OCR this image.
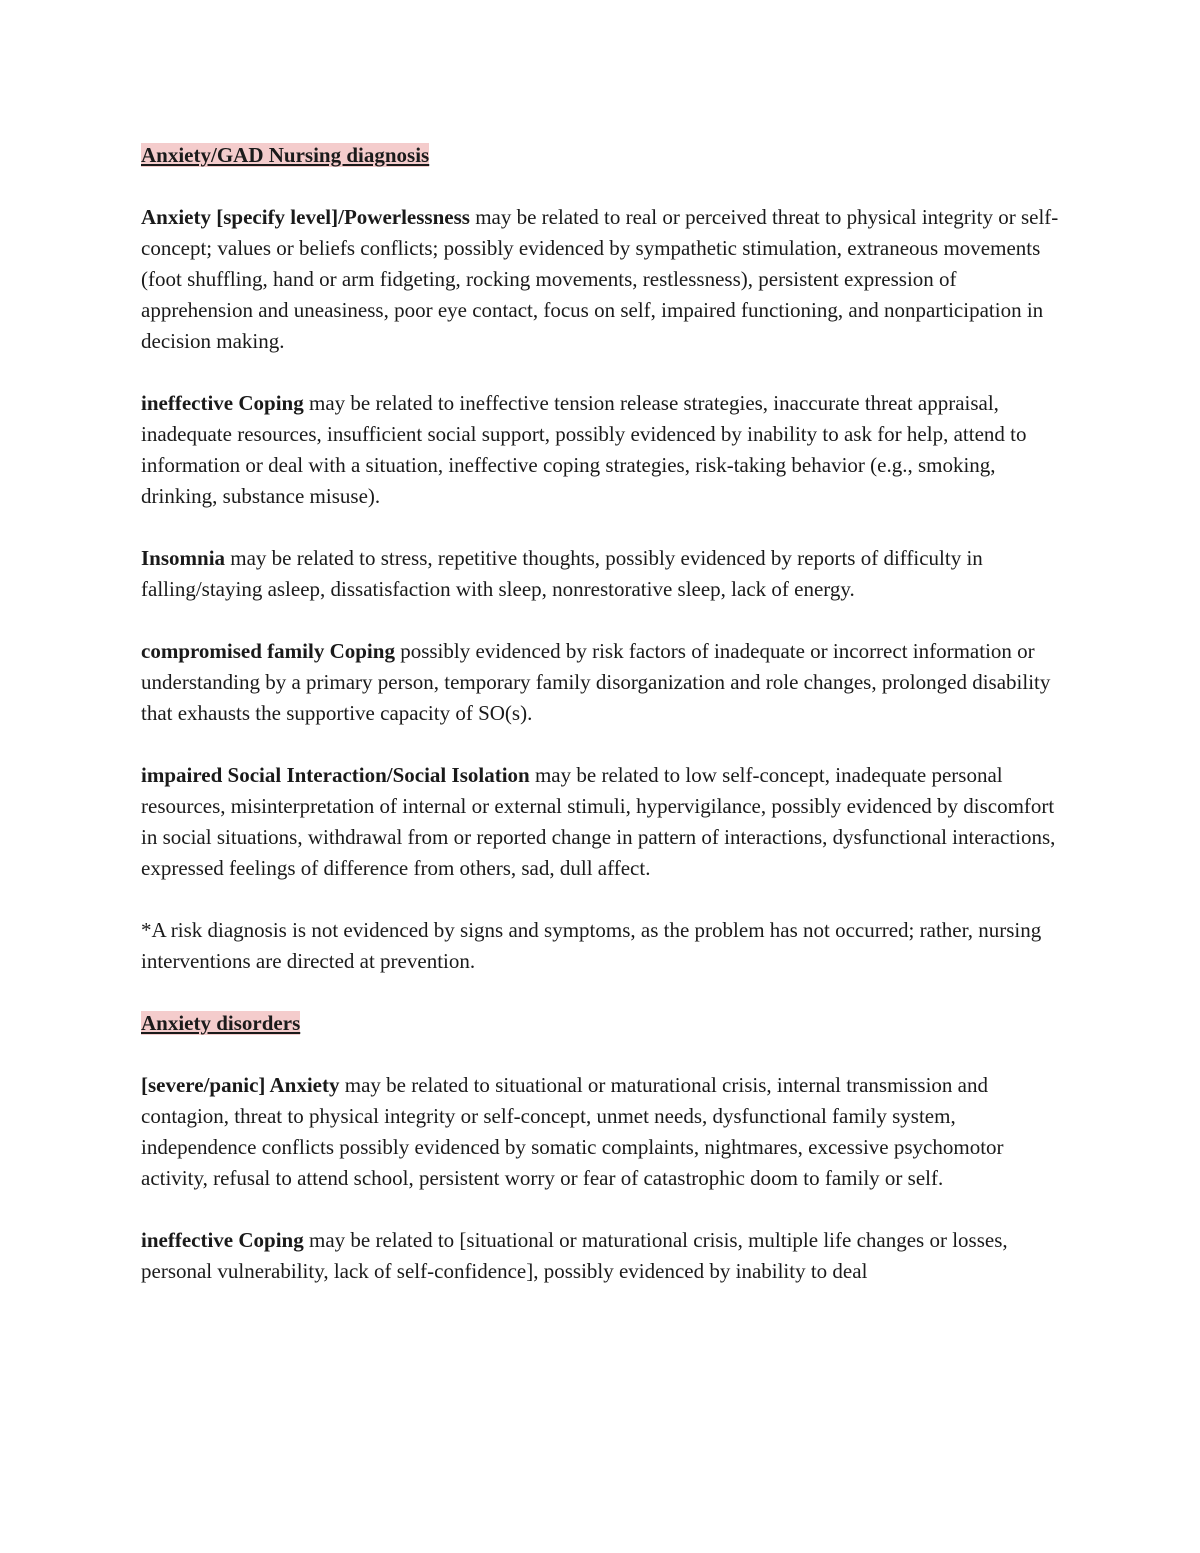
Anxiety/GAD Nursing diagnosis

Anxiety [specify level]/Powerlessness may be related to real or perceived threat to physical integrity or self-concept; values or beliefs conflicts; possibly evidenced by sympathetic stimulation, extraneous movements (foot shuffling, hand or arm fidgeting, rocking movements, restlessness), persistent expression of apprehension and uneasiness, poor eye contact, focus on self, impaired functioning, and nonparticipation in decision making.

ineffective Coping may be related to ineffective tension release strategies, inaccurate threat appraisal, inadequate resources, insufficient social support, possibly evidenced by inability to ask for help, attend to information or deal with a situation, ineffective coping strategies, risk-taking behavior (e.g., smoking, drinking, substance misuse).

Insomnia may be related to stress, repetitive thoughts, possibly evidenced by reports of difficulty in falling/staying asleep, dissatisfaction with sleep, nonrestorative sleep, lack of energy.

compromised family Coping possibly evidenced by risk factors of inadequate or incorrect information or understanding by a primary person, temporary family disorganization and role changes, prolonged disability that exhausts the supportive capacity of SO(s).

impaired Social Interaction/Social Isolation may be related to low self-concept, inadequate personal resources, misinterpretation of internal or external stimuli, hypervigilance, possibly evidenced by discomfort in social situations, withdrawal from or reported change in pattern of interactions, dysfunctional interactions, expressed feelings of difference from others, sad, dull affect.

*A risk diagnosis is not evidenced by signs and symptoms, as the problem has not occurred; rather, nursing interventions are directed at prevention.

Anxiety disorders

[severe/panic] Anxiety may be related to situational or maturational crisis, internal transmission and contagion, threat to physical integrity or self-concept, unmet needs, dysfunctional family system, independence conflicts possibly evidenced by somatic complaints, nightmares, excessive psychomotor activity, refusal to attend school, persistent worry or fear of catastrophic doom to family or self.

ineffective Coping may be related to [situational or maturational crisis, multiple life changes or losses, personal vulnerability, lack of self-confidence], possibly evidenced by inability to deal
